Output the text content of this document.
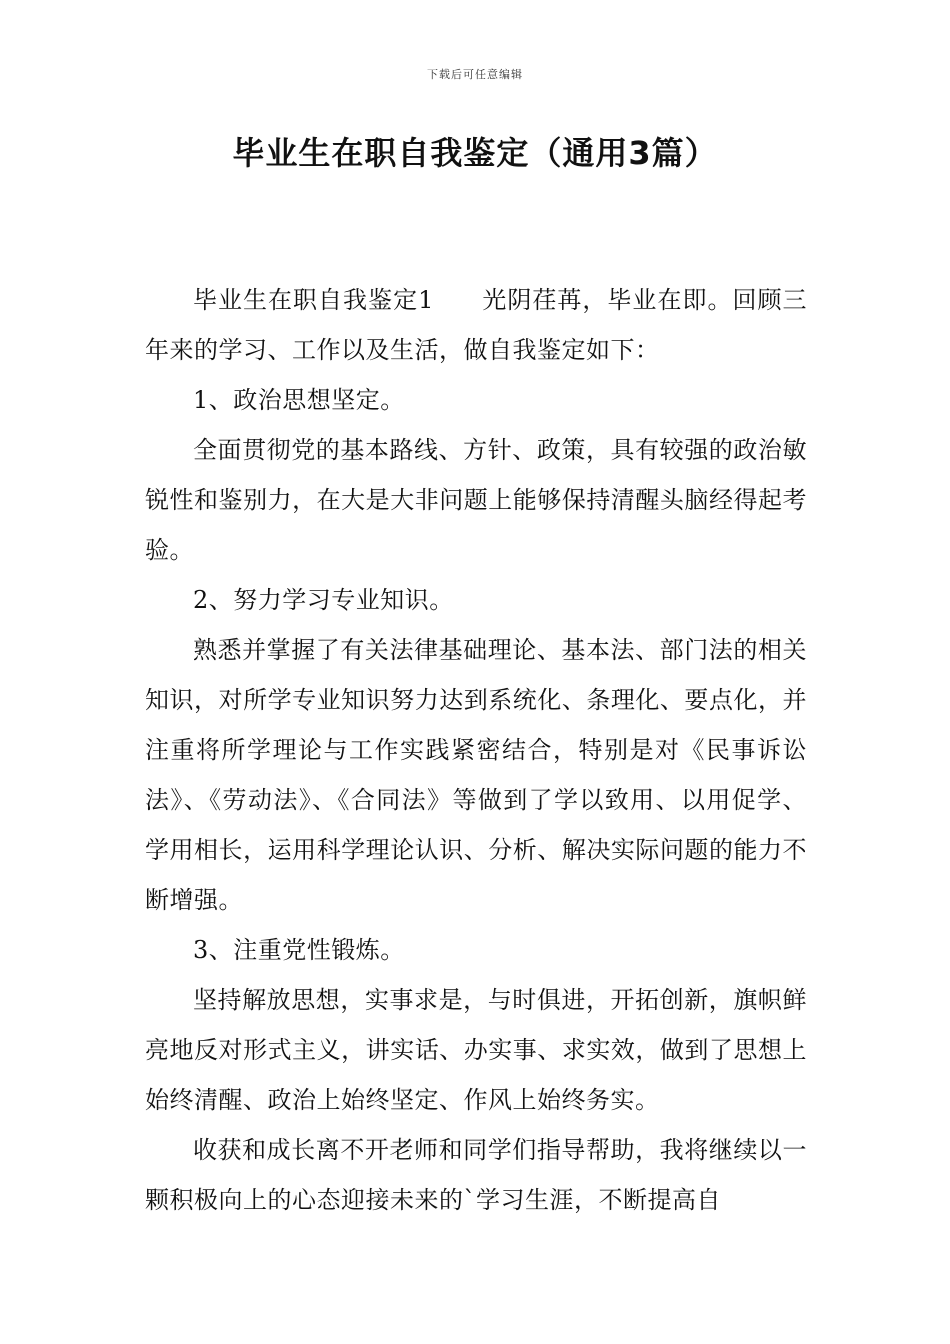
下载后可任意编辑
毕业生在职自我鉴定（通用3篇）

毕业生在职自我鉴定1 光阴荏苒，毕业在即。回顾三年来的学习、工作以及生活，做自我鉴定如下：

1、政治思想坚定。

全面贯彻党的基本路线、方针、政策，具有较强的政治敏锐性和鉴别力，在大是大非问题上能够保持清醒头脑经得起考验。

2、努力学习专业知识。

熟悉并掌握了有关法律基础理论、基本法、部门法的相关知识，对所学专业知识努力达到系统化、条理化、要点化，并注重将所学理论与工作实践紧密结合，特别是对《民事诉讼法》、《劳动法》、《合同法》等做到了学以致用、以用促学、学用相长，运用科学理论认识、分析、解决实际问题的能力不断增强。

3、注重党性锻炼。

坚持解放思想，实事求是，与时俱进，开拓创新，旗帜鲜亮地反对形式主义，讲实话、办实事、求实效，做到了思想上始终清醒、政治上始终坚定、作风上始终务实。

收获和成长离不开老师和同学们指导帮助，我将继续以一颗积极向上的心态迎接未来的`学习生涯，不断提高自
